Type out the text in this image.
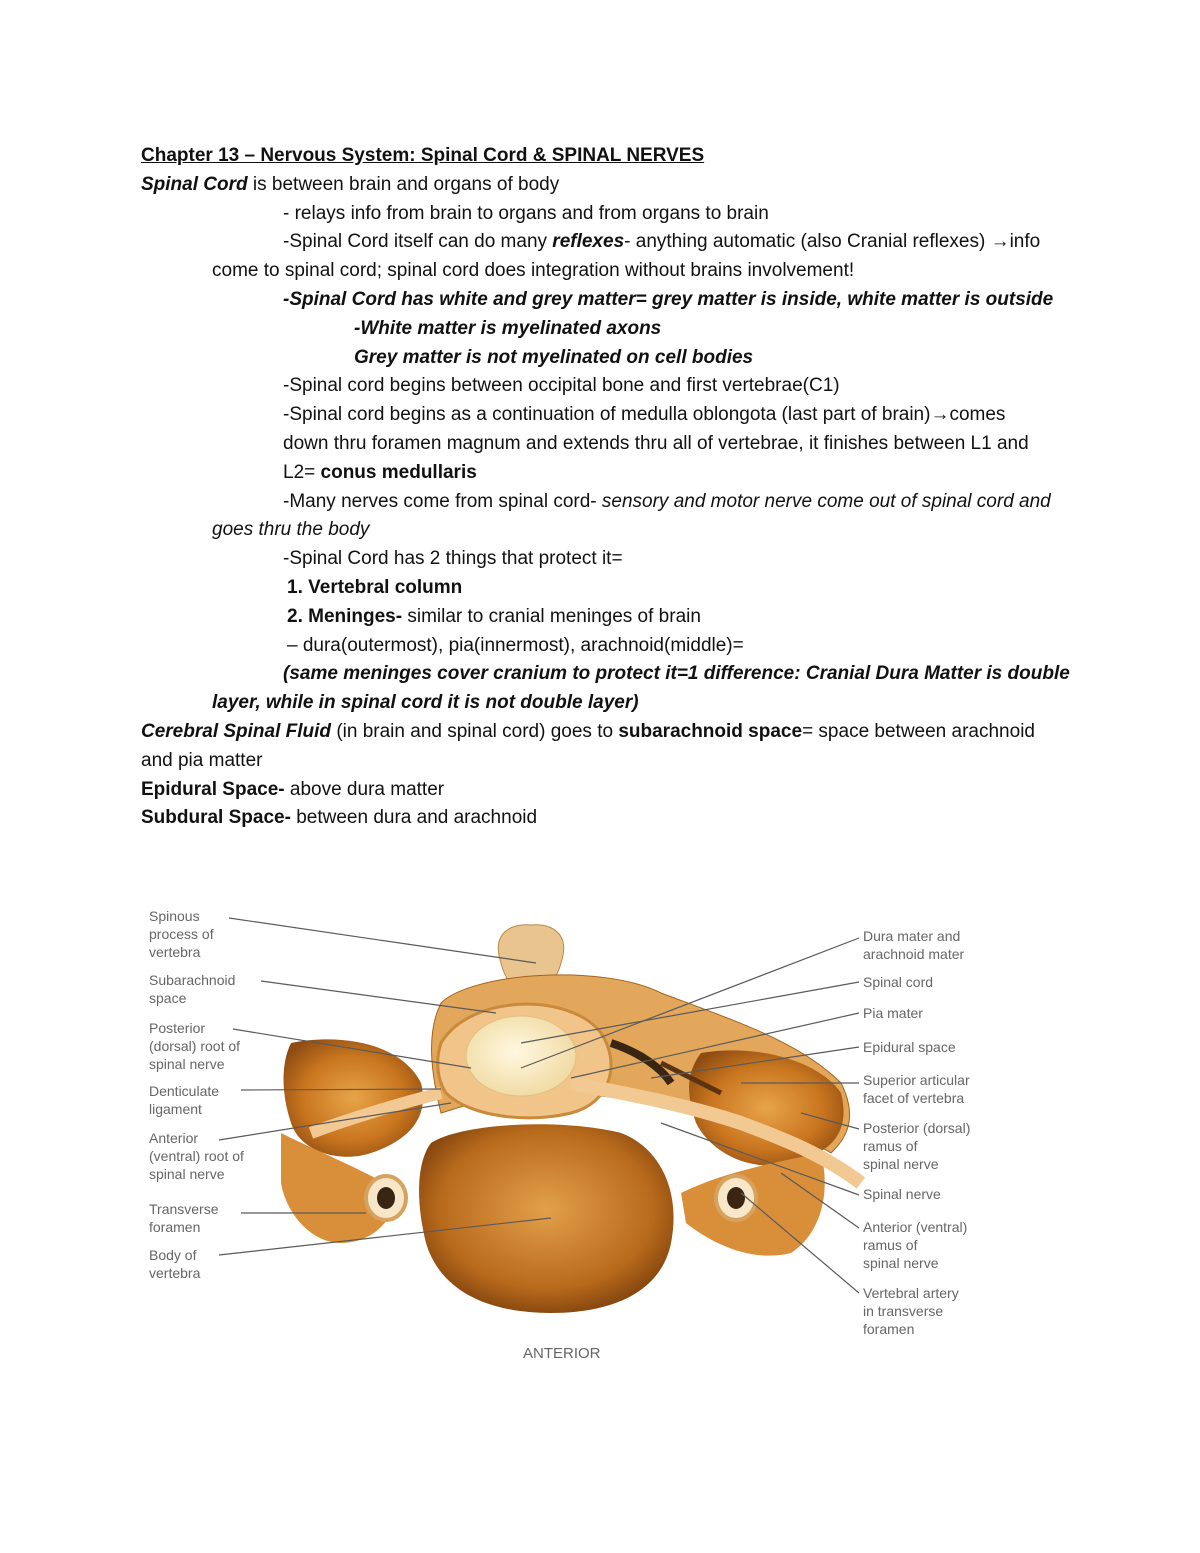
Chapter 13 – Nervous System: Spinal Cord & SPINAL NERVES
Spinal Cord is between brain and organs of body
- relays info from brain to organs and from organs to brain
-Spinal Cord itself can do many reflexes- anything automatic (also Cranial reflexes) →info come to spinal cord; spinal cord does integration without brains involvement!
-Spinal Cord has white and grey matter= grey matter is inside, white matter is outside
-White matter is myelinated axons
Grey matter is not myelinated on cell bodies
-Spinal cord begins between occipital bone and first vertebrae(C1)
-Spinal cord begins as a continuation of medulla oblongota (last part of brain)→comes down thru foramen magnum and extends thru all of vertebrae, it finishes between L1 and L2= conus medullaris
-Many nerves come from spinal cord- sensory and motor nerve come out of spinal cord and goes thru the body
-Spinal Cord has 2 things that protect it=
1. Vertebral column
2. Meninges- similar to cranial meninges of brain
– dura(outermost), pia(innermost), arachnoid(middle)=
(same meninges cover cranium to protect it=1 difference: Cranial Dura Matter is double layer, while in spinal cord it is not double layer)
Cerebral Spinal Fluid (in brain and spinal cord) goes to subarachnoid space= space between arachnoid and pia matter
Epidural Space- above dura matter
Subdural Space- between dura and arachnoid
Spinous process of vertebra
Subarachnoid space
Posterior (dorsal) root of spinal nerve
Denticulate ligament
Anterior (ventral) root of spinal nerve
Transverse foramen
Body of vertebra
Dura mater and arachnoid mater
Spinal cord
Pia mater
Epidural space
Superior articular facet of vertebra
Posterior (dorsal) ramus of spinal nerve
Spinal nerve
Anterior (ventral) ramus of spinal nerve
Vertebral artery in transverse foramen
ANTERIOR
